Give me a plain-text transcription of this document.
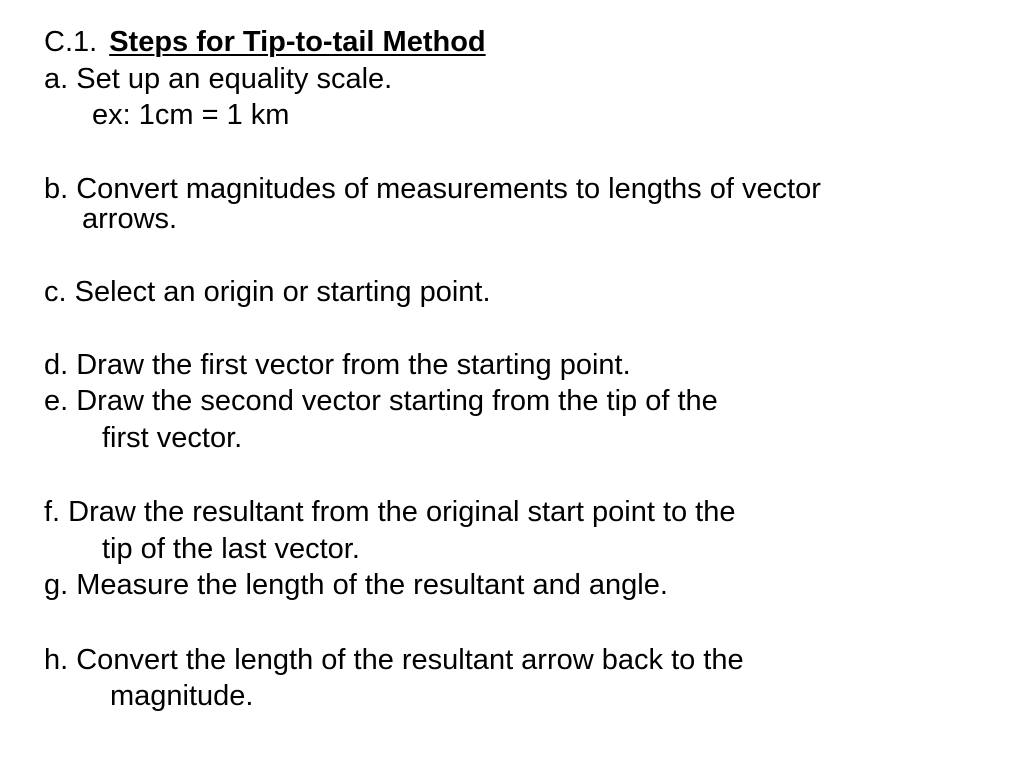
C.1. Steps for Tip-to-tail Method
a. Set up an equality scale.
ex: 1cm = 1 km
b. Convert magnitudes of measurements to lengths of vector
arrows.
c. Select an origin or starting point.
d. Draw the first vector from the starting point.
e. Draw the second vector starting from the tip of the
first vector.
f. Draw the resultant from the original start point to the
tip of the last vector.
g. Measure the length of the resultant and angle.
h. Convert the length of the resultant arrow back to the
magnitude.
